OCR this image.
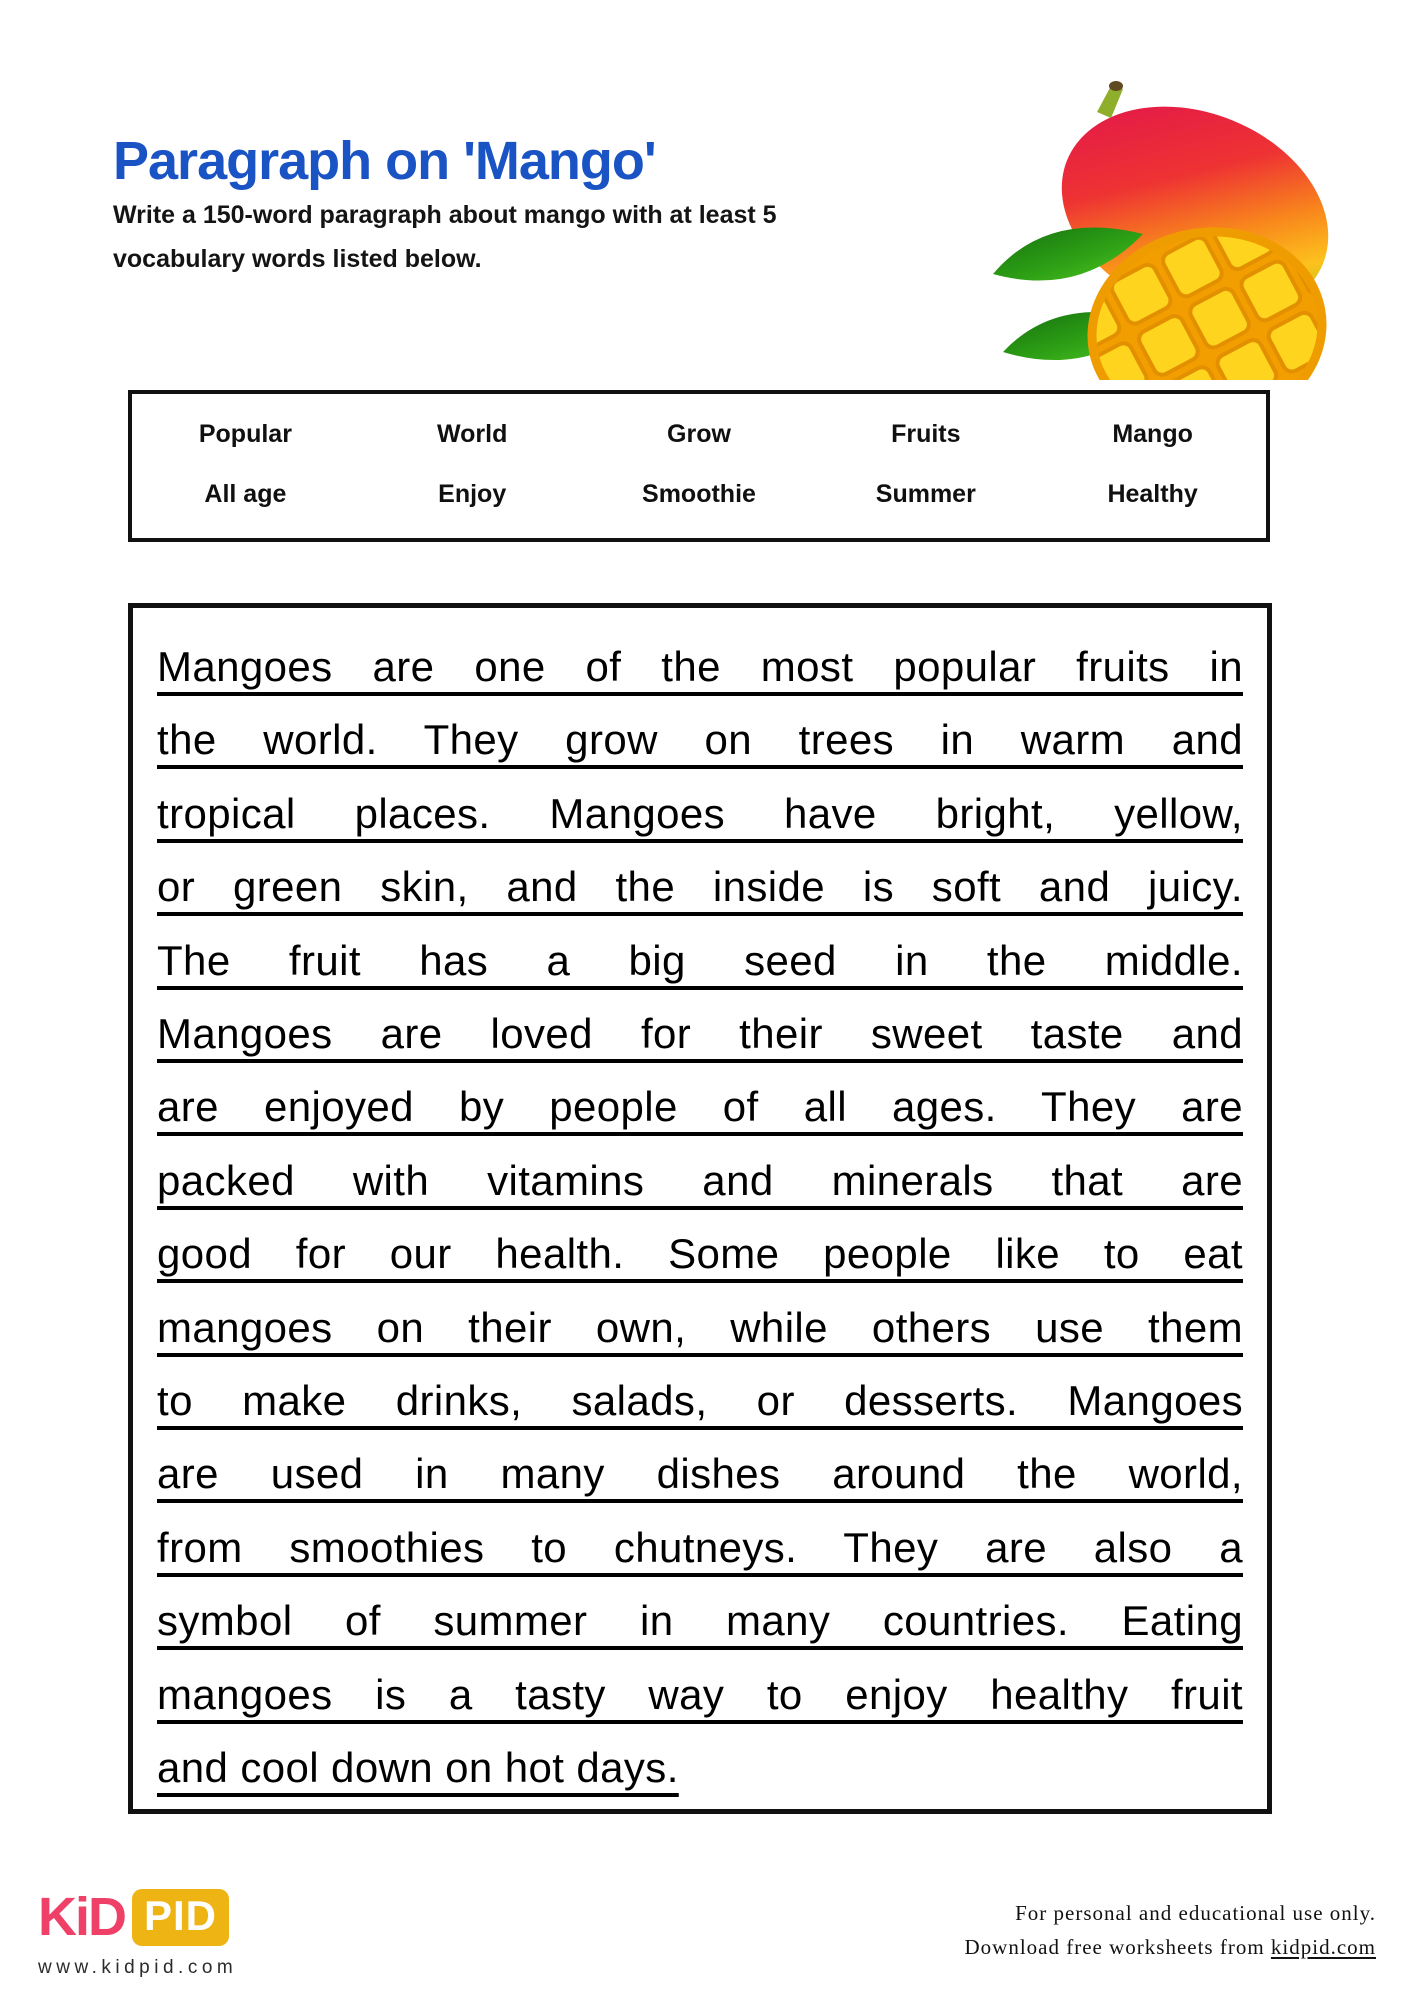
Paragraph on 'Mango'
Write a 150-word paragraph about mango with at least 5
vocabulary words listed below.
Popular	World	Grow	Fruits	Mango
All age	Enjoy	Smoothie	Summer	Healthy
Mangoes are one of the most popular fruits in
the world. They grow on trees in warm and
tropical places. Mangoes have bright, yellow,
or green skin, and the inside is soft and juicy.
The fruit has a big seed in the middle.
Mangoes are loved for their sweet taste and
are enjoyed by people of all ages. They are
packed with vitamins and minerals that are
good for our health. Some people like to eat
mangoes on their own, while others use them
to make drinks, salads, or desserts. Mangoes
are used in many dishes around the world,
from smoothies to chutneys. They are also a
symbol of summer in many countries. Eating
mangoes is a tasty way to enjoy healthy fruit
and cool down on hot days.
KiD PID
www.kidpid.com
For personal and educational use only.
Download free worksheets from kidpid.com
